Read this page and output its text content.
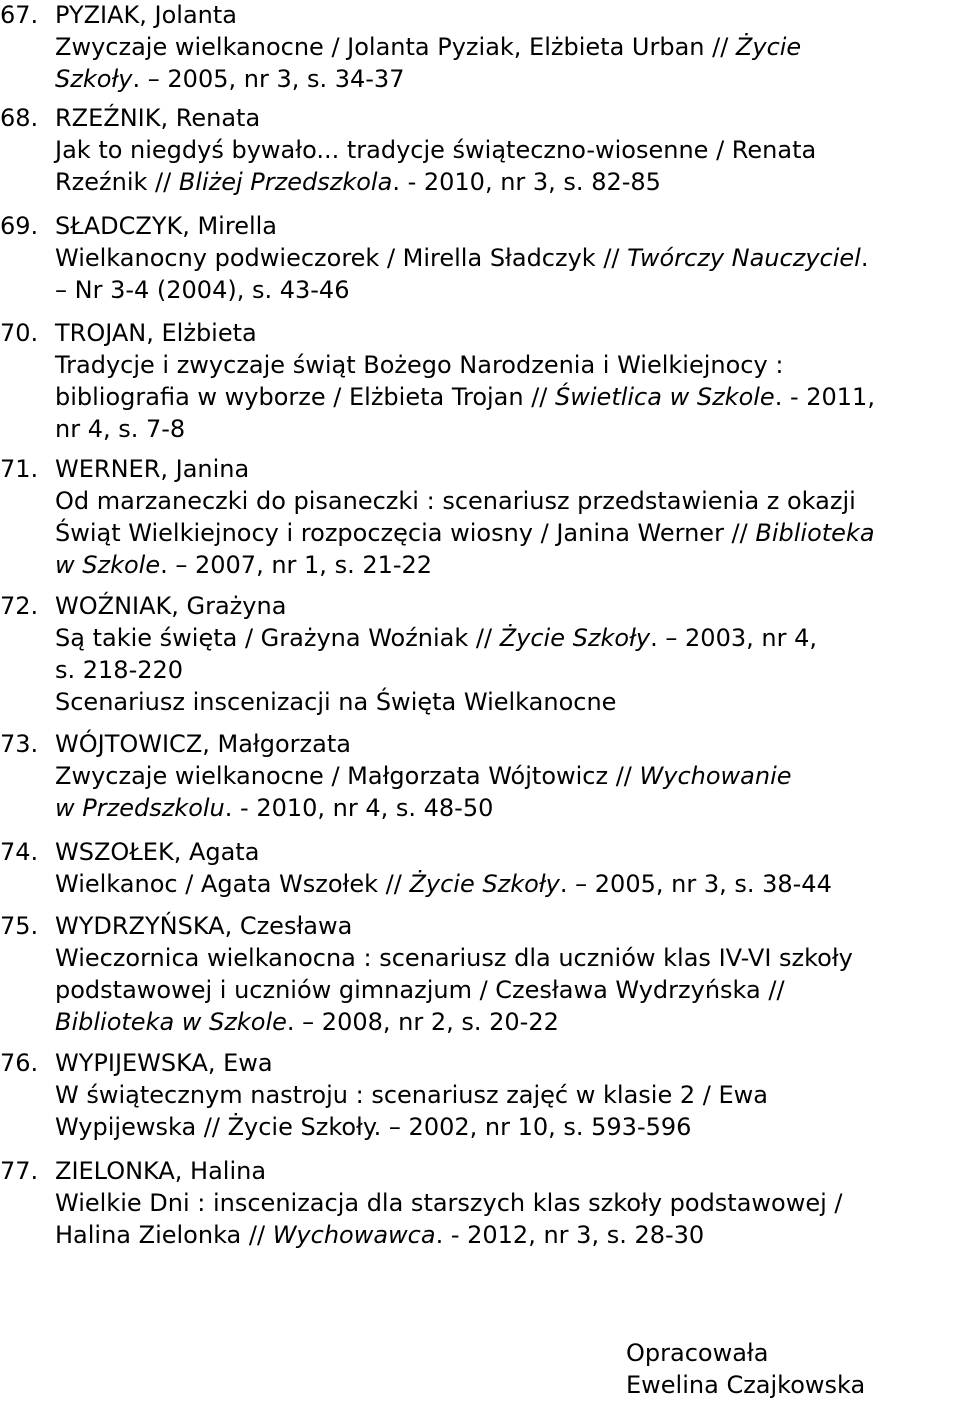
67. PYZIAK, Jolanta
Zwyczaje wielkanocne / Jolanta Pyziak, Elżbieta Urban // Życie
Szkoły. – 2005, nr 3, s. 34-37
68. RZEŹNIK, Renata
Jak to niegdyś bywało... tradycje świąteczno-wiosenne / Renata
Rzeźnik // Bliżej Przedszkola. - 2010, nr 3, s. 82-85
69. SŁADCZYK, Mirella
Wielkanocny podwieczorek / Mirella Sładczyk // Twórczy Nauczyciel.
– Nr 3-4 (2004), s. 43-46
70. TROJAN, Elżbieta
Tradycje i zwyczaje świąt Bożego Narodzenia i Wielkiejnocy :
bibliografia w wyborze / Elżbieta Trojan // Świetlica w Szkole. - 2011,
nr 4, s. 7-8
71. WERNER, Janina
Od marzaneczki do pisaneczki : scenariusz przedstawienia z okazji
Świąt Wielkiejnocy i rozpoczęcia wiosny / Janina Werner // Biblioteka
w Szkole. – 2007, nr 1, s. 21-22
72. WOŹNIAK, Grażyna
Są takie święta / Grażyna Woźniak // Życie Szkoły. – 2003, nr 4,
s. 218-220
Scenariusz inscenizacji na Święta Wielkanocne
73. WÓJTOWICZ, Małgorzata
Zwyczaje wielkanocne / Małgorzata Wójtowicz // Wychowanie
w Przedszkolu. - 2010, nr 4, s. 48-50
74. WSZOŁEK, Agata
Wielkanoc / Agata Wszołek // Życie Szkoły. – 2005, nr 3, s. 38-44
75. WYDRZYŃSKA, Czesława
Wieczornica wielkanocna : scenariusz dla uczniów klas IV-VI szkoły
podstawowej i uczniów gimnazjum / Czesława Wydrzyńska //
Biblioteka w Szkole. – 2008, nr 2, s. 20-22
76. WYPIJEWSKA, Ewa
W świątecznym nastroju : scenariusz zajęć w klasie 2 / Ewa
Wypijewska // Życie Szkoły. – 2002, nr 10, s. 593-596
77. ZIELONKA, Halina
Wielkie Dni : inscenizacja dla starszych klas szkoły podstawowej /
Halina Zielonka // Wychowawca. - 2012, nr 3, s. 28-30
Opracowała
Ewelina Czajkowska
